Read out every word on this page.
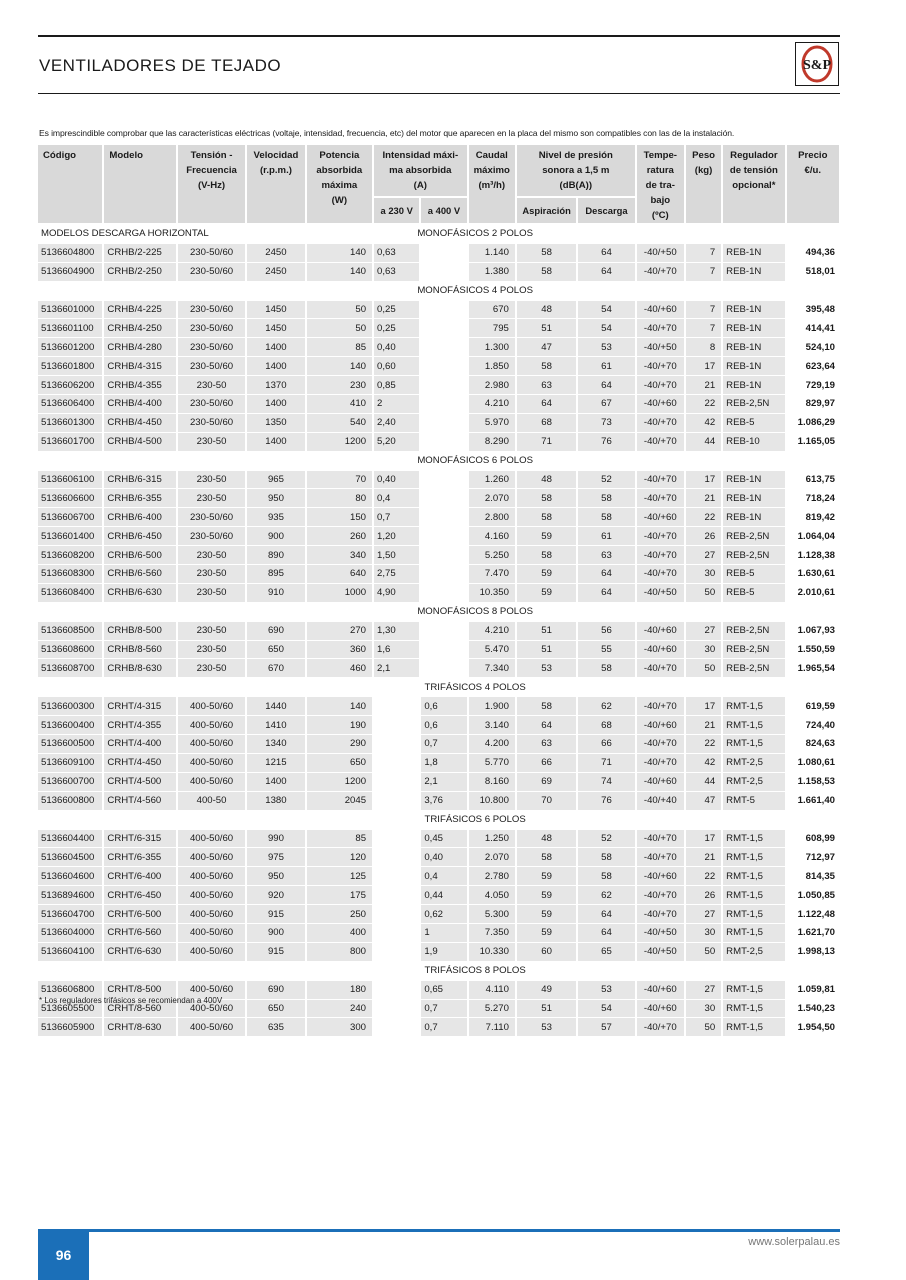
VENTILADORES DE TEJADO	S&P
Es imprescindible comprobar que las características eléctricas (voltaje, intensidad, frecuencia, etc) del motor que aparecen en la placa del mismo son compatibles con las de la instalación.
Código	Modelo	Tensión -
Frecuencia
(V-Hz)	Velocidad
(r.p.m.)	Potencia
absorbida
máxima
(W)	Intensidad máxi-
ma absorbida
(A)		Caudal
máximo
(m³/h)	Nivel de presión
sonora a 1,5 m
(dB(A))		Tempe-
ratura
de tra-
bajo
(ºC)	Peso
(kg)	Regulador
de tensión
opcional*	Precio
€/u.
					a 230 V	a 400 V		Aspiración	Descarga				
MODELOS DESCARGA HORIZONTAL					MONOFÁSICOS 2 POLOS								
5136604800	CRHB/2-225	230-50/60	2450	140	0,63		1.140	58	64	-40/+50	7	REB-1N	494,36
5136604900	CRHB/2-250	230-50/60	2450	140	0,63		1.380	58	64	-40/+70	7	REB-1N	518,01
					MONOFÁSICOS 4 POLOS								
5136601000	CRHB/4-225	230-50/60	1450	50	0,25		670	48	54	-40/+60	7	REB-1N	395,48
5136601100	CRHB/4-250	230-50/60	1450	50	0,25		795	51	54	-40/+70	7	REB-1N	414,41
5136601200	CRHB/4-280	230-50/60	1400	85	0,40		1.300	47	53	-40/+50	8	REB-1N	524,10
5136601800	CRHB/4-315	230-50/60	1400	140	0,60		1.850	58	61	-40/+70	17	REB-1N	623,64
5136606200	CRHB/4-355	230-50	1370	230	0,85		2.980	63	64	-40/+70	21	REB-1N	729,19
5136606400	CRHB/4-400	230-50/60	1400	410	2		4.210	64	67	-40/+60	22	REB-2,5N	829,97
5136601300	CRHB/4-450	230-50/60	1350	540	2,40		5.970	68	73	-40/+70	42	REB-5	1.086,29
5136601700	CRHB/4-500	230-50	1400	1200	5,20		8.290	71	76	-40/+70	44	REB-10	1.165,05
					MONOFÁSICOS 6 POLOS								
5136606100	CRHB/6-315	230-50	965	70	0,40		1.260	48	52	-40/+70	17	REB-1N	613,75
5136606600	CRHB/6-355	230-50	950	80	0,4		2.070	58	58	-40/+70	21	REB-1N	718,24
5136606700	CRHB/6-400	230-50/60	935	150	0,7		2.800	58	58	-40/+60	22	REB-1N	819,42
5136601400	CRHB/6-450	230-50/60	900	260	1,20		4.160	59	61	-40/+70	26	REB-2,5N	1.064,04
5136608200	CRHB/6-500	230-50	890	340	1,50		5.250	58	63	-40/+70	27	REB-2,5N	1.128,38
5136608300	CRHB/6-560	230-50	895	640	2,75		7.470	59	64	-40/+70	30	REB-5	1.630,61
5136608400	CRHB/6-630	230-50	910	1000	4,90		10.350	59	64	-40/+50	50	REB-5	2.010,61
					MONOFÁSICOS 8 POLOS								
5136608500	CRHB/8-500	230-50	690	270	1,30		4.210	51	56	-40/+60	27	REB-2,5N	1.067,93
5136608600	CRHB/8-560	230-50	650	360	1,6		5.470	51	55	-40/+60	30	REB-2,5N	1.550,59
5136608700	CRHB/8-630	230-50	670	460	2,1		7.340	53	58	-40/+70	50	REB-2,5N	1.965,54
					TRIFÁSICOS 4 POLOS								
5136600300	CRHT/4-315	400-50/60	1440	140		0,6	1.900	58	62	-40/+70	17	RMT-1,5	619,59
5136600400	CRHT/4-355	400-50/60	1410	190		0,6	3.140	64	68	-40/+60	21	RMT-1,5	724,40
5136600500	CRHT/4-400	400-50/60	1340	290		0,7	4.200	63	66	-40/+70	22	RMT-1,5	824,63
5136609100	CRHT/4-450	400-50/60	1215	650		1,8	5.770	66	71	-40/+70	42	RMT-2,5	1.080,61
5136600700	CRHT/4-500	400-50/60	1400	1200		2,1	8.160	69	74	-40/+60	44	RMT-2,5	1.158,53
5136600800	CRHT/4-560	400-50	1380	2045		3,76	10.800	70	76	-40/+40	47	RMT-5	1.661,40
					TRIFÁSICOS 6 POLOS								
5136604400	CRHT/6-315	400-50/60	990	85		0,45	1.250	48	52	-40/+70	17	RMT-1,5	608,99
5136604500	CRHT/6-355	400-50/60	975	120		0,40	2.070	58	58	-40/+70	21	RMT-1,5	712,97
5136604600	CRHT/6-400	400-50/60	950	125		0,4	2.780	59	58	-40/+60	22	RMT-1,5	814,35
5136894600	CRHT/6-450	400-50/60	920	175		0,44	4.050	59	62	-40/+70	26	RMT-1,5	1.050,85
5136604700	CRHT/6-500	400-50/60	915	250		0,62	5.300	59	64	-40/+70	27	RMT-1,5	1.122,48
5136604000	CRHT/6-560	400-50/60	900	400		1	7.350	59	64	-40/+50	30	RMT-1,5	1.621,70
5136604100	CRHT/6-630	400-50/60	915	800		1,9	10.330	60	65	-40/+50	50	RMT-2,5	1.998,13
					TRIFÁSICOS 8 POLOS								
5136606800	CRHT/8-500	400-50/60	690	180		0,65	4.110	49	53	-40/+60	27	RMT-1,5	1.059,81
5136605500	CRHT/8-560	400-50/60	650	240		0,7	5.270	51	54	-40/+60	30	RMT-1,5	1.540,23
5136605900	CRHT/8-630	400-50/60	635	300		0,7	7.110	53	57	-40/+70	50	RMT-1,5	1.954,50
* Los reguladores trifásicos se recomiendan a 400V
96
www.solerpalau.es
